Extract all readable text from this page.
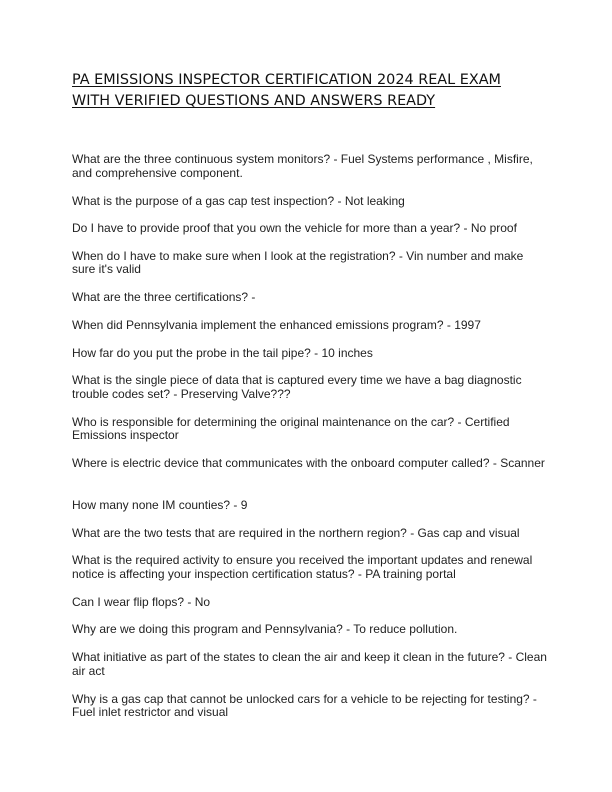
PA EMISSIONS INSPECTOR CERTIFICATION 2024 REAL EXAM WITH VERIFIED QUESTIONS AND ANSWERS READY

What are the three continuous system monitors? - Fuel Systems performance , Misfire, and comprehensive component.

What is the purpose of a gas cap test inspection? - Not leaking

Do I have to provide proof that you own the vehicle for more than a year? - No proof

When do I have to make sure when I look at the registration? - Vin number and make sure it's valid

What are the three certifications? -

When did Pennsylvania implement the enhanced emissions program? - 1997

How far do you put the probe in the tail pipe? - 10 inches

What is the single piece of data that is captured every time we have a bag diagnostic trouble codes set? - Preserving Valve???

Who is responsible for determining the original maintenance on the car? - Certified Emissions inspector

Where is electric device that communicates with the onboard computer called? - Scanner

How many none IM counties? - 9

What are the two tests that are required in the northern region? - Gas cap and visual

What is the required activity to ensure you received the important updates and renewal notice is affecting your inspection certification status? - PA training portal

Can I wear flip flops? - No

Why are we doing this program and Pennsylvania? - To reduce pollution.

What initiative as part of the states to clean the air and keep it clean in the future? - Clean air act

Why is a gas cap that cannot be unlocked cars for a vehicle to be rejecting for testing? - Fuel inlet restrictor and visual
